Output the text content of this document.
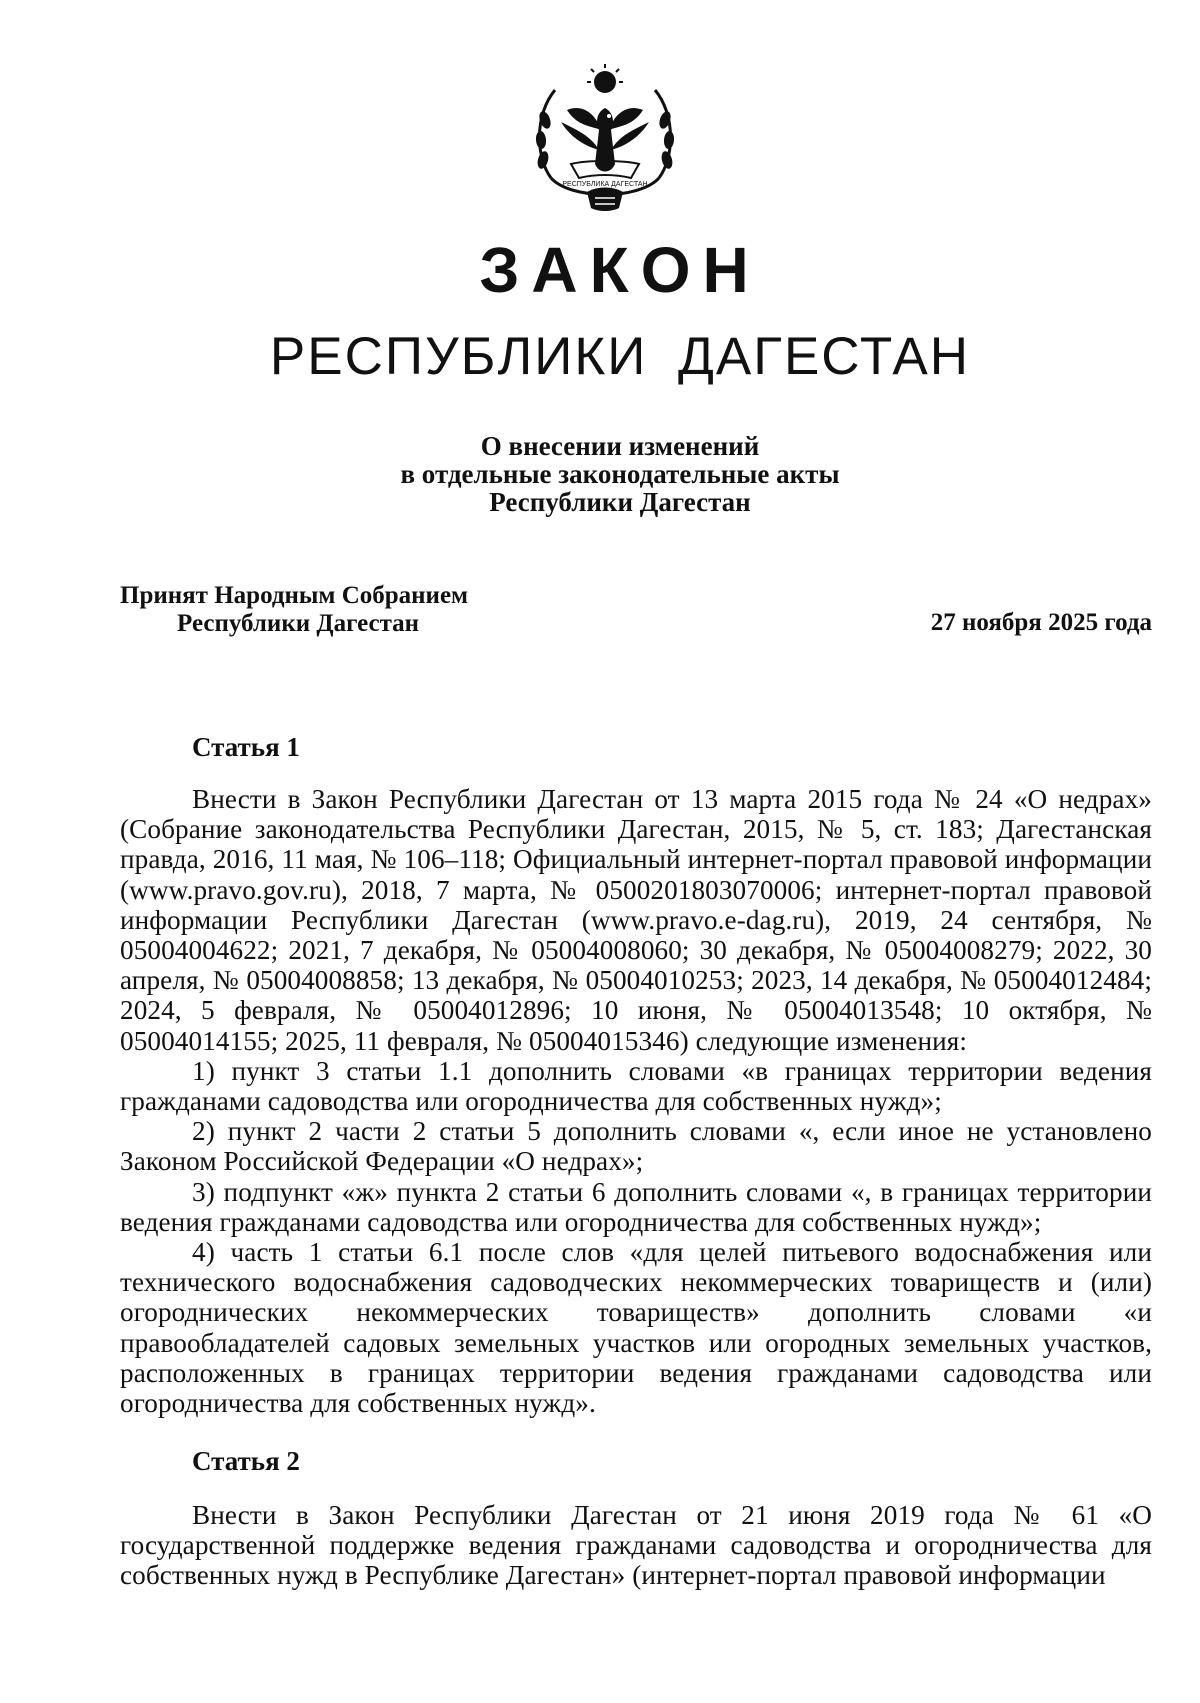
РЕСПУБЛИКА ДАГЕСТАН
ЗАКОН
РЕСПУБЛИКИ ДАГЕСТАН
О внесении изменений
в отдельные законодательные акты
Республики Дагестан
Принят Народным Собранием
Республики Дагестан	27 ноября 2025 года
Статья 1

Внести в Закон Республики Дагестан от 13 марта 2015 года № 24 «О недрах» (Собрание законодательства Республики Дагестан, 2015, № 5, ст. 183; Дагестанская правда, 2016, 11 мая, № 106–118; Официальный интернет-портал правовой информации (www.pravo.gov.ru), 2018, 7 марта, № 0500201803070006; интернет-портал правовой информации Республики Дагестан (www.pravo.e-dag.ru), 2019, 24 сентября, № 05004004622; 2021, 7 декабря, № 05004008060; 30 декабря, № 05004008279; 2022, 30 апреля, № 05004008858; 13 декабря, № 05004010253; 2023, 14 декабря, № 05004012484; 2024, 5 февраля, № 05004012896; 10 июня, № 05004013548; 10 октября, № 05004014155; 2025, 11 февраля, № 05004015346) следующие изменения:

1) пункт 3 статьи 1.1 дополнить словами «в границах территории ведения гражданами садоводства или огородничества для собственных нужд»;

2) пункт 2 части 2 статьи 5 дополнить словами «, если иное не установлено Законом Российской Федерации «О недрах»;

3) подпункт «ж» пункта 2 статьи 6 дополнить словами «, в границах территории ведения гражданами садоводства или огородничества для собственных нужд»;

4) часть 1 статьи 6.1 после слов «для целей питьевого водоснабжения или технического водоснабжения садоводческих некоммерческих товариществ и (или) огороднических некоммерческих товариществ» дополнить словами «и правообладателей садовых земельных участков или огородных земельных участков, расположенных в границах территории ведения гражданами садоводства или огородничества для собственных нужд».

Статья 2

Внести в Закон Республики Дагестан от 21 июня 2019 года № 61 «О государственной поддержке ведения гражданами садоводства и огородничества для собственных нужд в Республике Дагестан» (интернет-портал правовой информации
